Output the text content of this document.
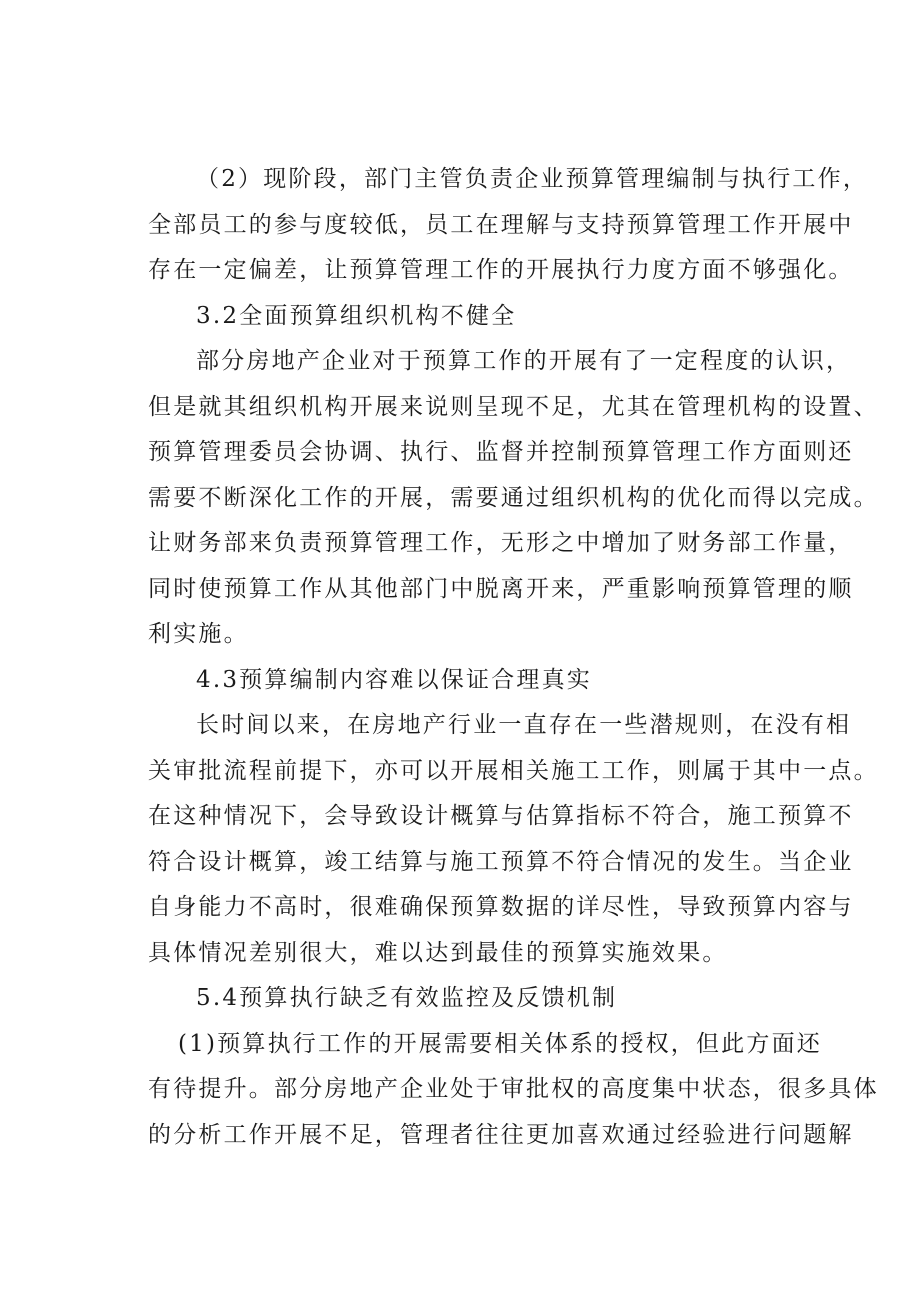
（2）现阶段，部门主管负责企业预算管理编制与执行工作，
全部员工的参与度较低，员工在理解与支持预算管理工作开展中
存在一定偏差，让预算管理工作的开展执行力度方面不够强化。
3.2全面预算组织机构不健全
部分房地产企业对于预算工作的开展有了一定程度的认识，
但是就其组织机构开展来说则呈现不足，尤其在管理机构的设置、
预算管理委员会协调、执行、监督并控制预算管理工作方面则还
需要不断深化工作的开展，需要通过组织机构的优化而得以完成。
让财务部来负责预算管理工作，无形之中增加了财务部工作量，
同时使预算工作从其他部门中脱离开来，严重影响预算管理的顺
利实施。
4.3预算编制内容难以保证合理真实
长时间以来，在房地产行业一直存在一些潜规则，在没有相
关审批流程前提下，亦可以开展相关施工工作，则属于其中一点。
在这种情况下，会导致设计概算与估算指标不符合，施工预算不
符合设计概算，竣工结算与施工预算不符合情况的发生。当企业
自身能力不高时，很难确保预算数据的详尽性，导致预算内容与
具体情况差别很大，难以达到最佳的预算实施效果。
5.4预算执行缺乏有效监控及反馈机制
(1)预算执行工作的开展需要相关体系的授权，但此方面还
有待提升。部分房地产企业处于审批权的高度集中状态，很多具体
的分析工作开展不足，管理者往往更加喜欢通过经验进行问题解
